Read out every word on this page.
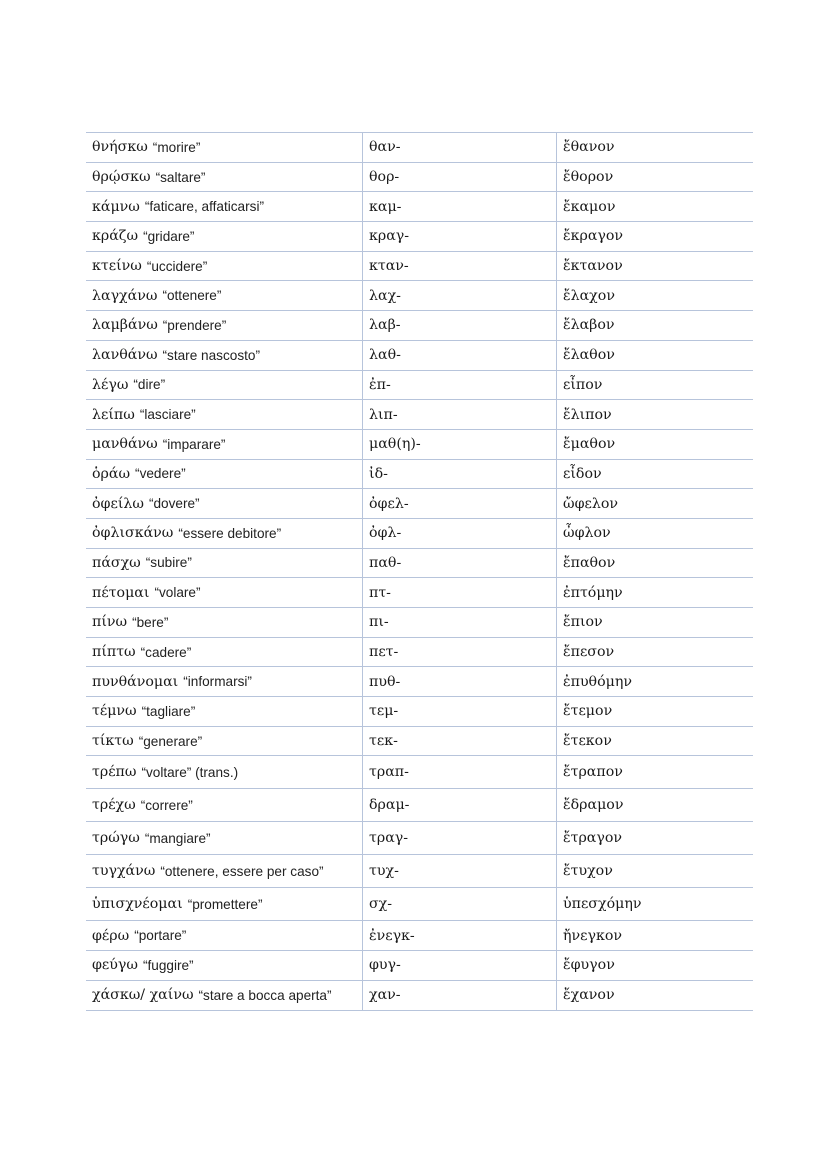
θνήσκω “morire”	θαν-	ἔθανον
θρῴσκω “saltare”	θορ-	ἔθορον
κάμνω “faticare, affaticarsi”	καμ-	ἔκαμον
κράζω “gridare”	κραγ-	ἔκραγον
κτείνω “uccidere”	κταν-	ἔκτανον
λαγχάνω “ottenere”	λαχ-	ἔλαχον
λαμβάνω “prendere”	λαβ-	ἔλαβον
λανθάνω “stare nascosto”	λαθ-	ἔλαθον
λέγω “dire”	ἐπ-	εἶπον
λείπω “lasciare”	λιπ-	ἔλιπον
μανθάνω “imparare”	μαθ(η)-	ἔμαθον
ὁράω “vedere”	ἰδ-	εἶδον
ὀφείλω “dovere”	ὀφελ-	ὤφελον
ὀφλισκάνω “essere debitore”	ὀφλ-	ὦφλον
πάσχω “subire”	παθ-	ἔπαθον
πέτομαι “volare”	πτ-	ἐπτόμην
πίνω “bere”	πι-	ἔπιον
πίπτω “cadere”	πετ-	ἔπεσον
πυνθάνομαι “informarsi”	πυθ-	ἐπυθόμην
τέμνω “tagliare”	τεμ-	ἔτεμον
τίκτω “generare”	τεκ-	ἔτεκον
τρέπω “voltare” (trans.)	τραπ-	ἔτραπον
τρέχω “correre”	δραμ-	ἔδραμον
τρώγω “mangiare”	τραγ-	ἔτραγον
τυγχάνω “ottenere, essere per caso”	τυχ-	ἔτυχον
ὑπισχνέομαι “promettere”	σχ-	ὑπεσχόμην
φέρω “portare”	ἐνεγκ-	ἤνεγκον
φεύγω “fuggire”	φυγ-	ἔφυγον
χάσκω/ χαίνω “stare a bocca aperta”	χαν-	ἔχανον
